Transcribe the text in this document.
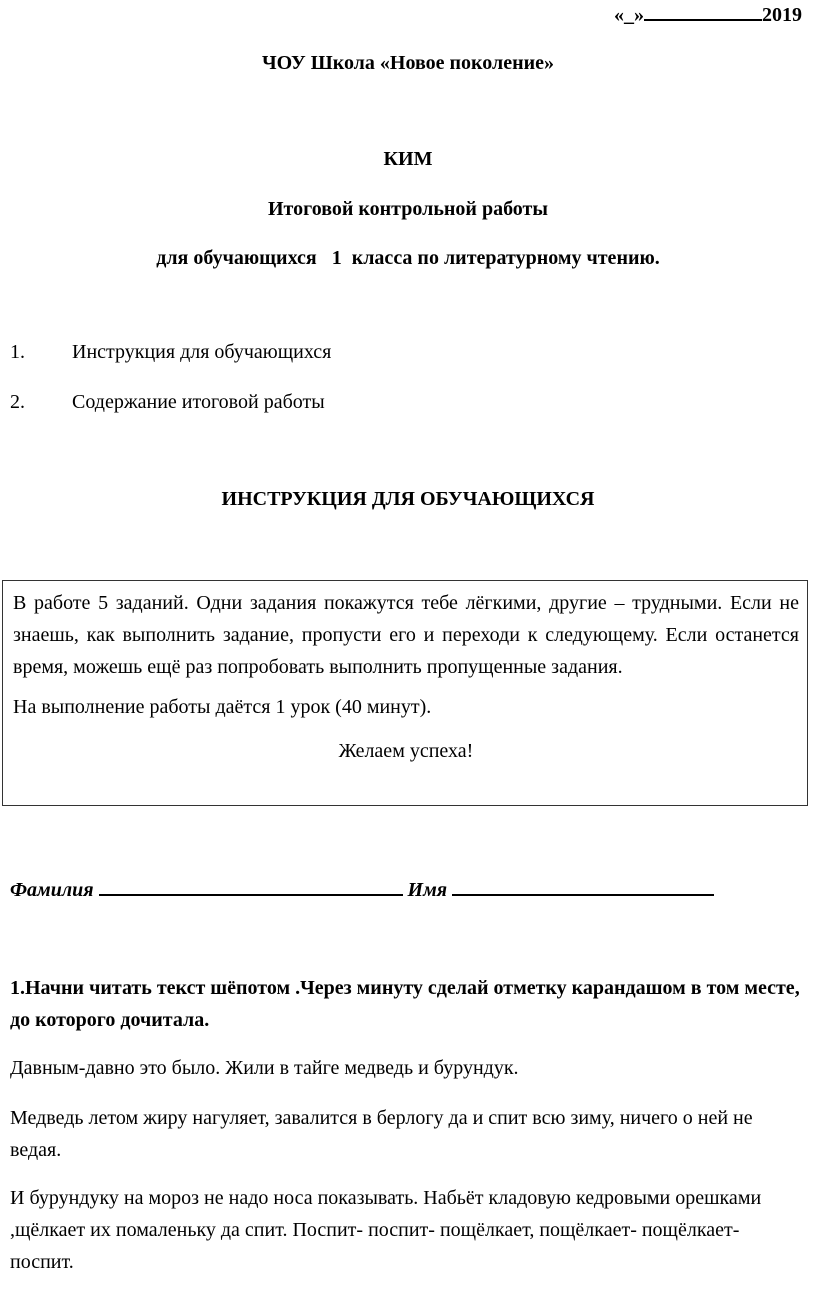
«_»	2019
ЧОУ Школа «Новое поколение»
КИМ
Итоговой контрольной работы
для обучающихся   1  класса по литературному чтению.
1. Инструкция для обучающихся
2. Содержание итоговой работы
ИНСТРУКЦИЯ ДЛЯ ОБУЧАЮЩИХСЯ

В работе 5 заданий. Одни задания покажутся тебе лёгкими, другие – трудными. Если не знаешь, как выполнить задание, пропусти его и переходи к следующему. Если останется время, можешь ещё раз попробовать выполнить пропущенные задания.

На выполнение работы даётся 1 урок (40 минут).

Желаем успеха!

Фамилия	Имя
1.Начни читать текст шёпотом .Через минуту сделай отметку карандашом в том месте, до которого дочитала.
Давным-давно это было. Жили в тайге медведь и бурундук.
Медведь летом жиру нагуляет, завалится в берлогу да и спит всю зиму, ничего о ней не ведая.
И бурундуку на мороз не надо носа показывать. Набьёт кладовую кедровыми орешками ,щёлкает их помаленьку да спит. Поспит- поспит- пощёлкает, пощёлкает- пощёлкает- поспит.
